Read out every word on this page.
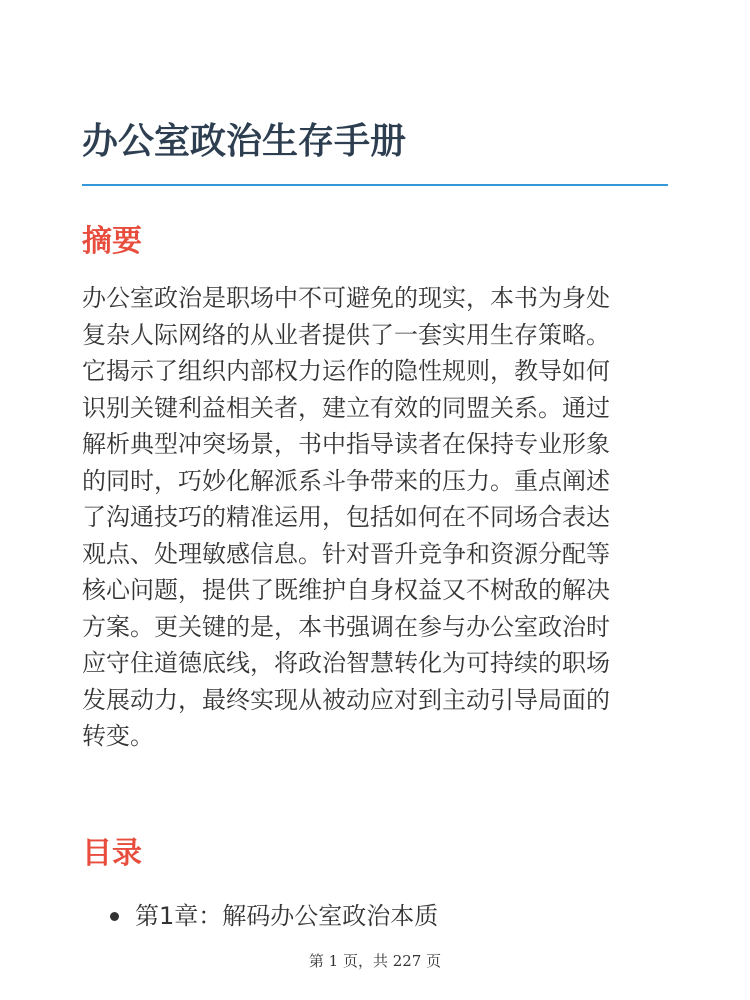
办公室政治生存手册
摘要
办公室政治是职场中不可避免的现实，本书为身处
复杂人际网络的从业者提供了一套实用生存策略。
它揭示了组织内部权力运作的隐性规则，教导如何
识别关键利益相关者，建立有效的同盟关系。通过
解析典型冲突场景，书中指导读者在保持专业形象
的同时，巧妙化解派系斗争带来的压力。重点阐述
了沟通技巧的精准运用，包括如何在不同场合表达
观点、处理敏感信息。针对晋升竞争和资源分配等
核心问题，提供了既维护自身权益又不树敌的解决
方案。更关键的是，本书强调在参与办公室政治时
应守住道德底线，将政治智慧转化为可持续的职场
发展动力，最终实现从被动应对到主动引导局面的
转变。
目录
第1章：解码办公室政治本质
第 1 页，共 227 页
